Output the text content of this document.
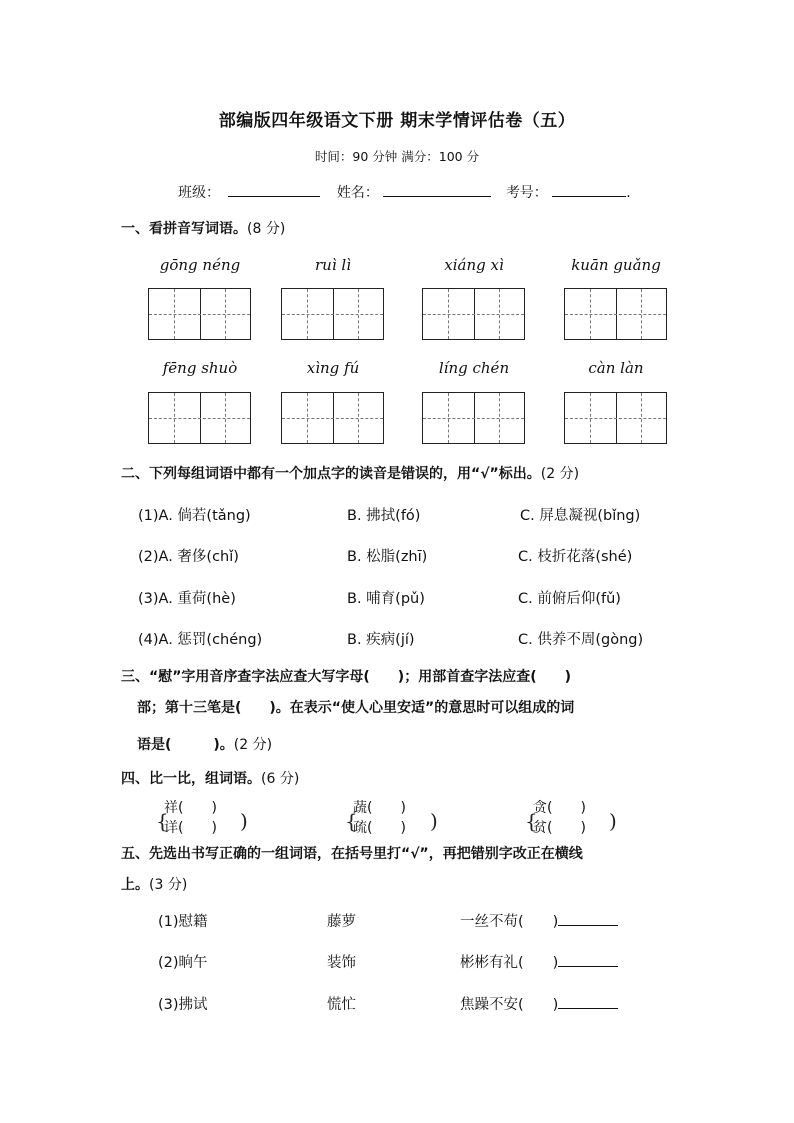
部编版四年级语文下册 期末学情评估卷（五）
时间：90 分钟 满分：100 分
班级：	姓名：	考号：	.
一、看拼音写词语。(8 分)
gōng néng	ruì lì	xiáng xì	kuān guǎng
fēng shuò	xìng fú	líng chén	càn làn
二、下列每组词语中都有一个加点字的读音是错误的，用“√”标出。(2 分)
(1)A. 倘若(tǎng)	B. 拂拭(fó)	C. 屏息凝视(bǐng)
(2)A. 奢侈(chǐ)	B. 松脂(zhī)	C. 枝折花落(shé)
(3)A. 重荷(hè)	B. 哺育(pǔ)	C. 前俯后仰(fǔ)
(4)A. 惩罚(chéng)	B. 疾病(jí)	C. 供养不周(gòng)
三、“慰”字用音序查字法应查大写字母(　　)；用部首查字法应查(　　)
部；第十三笔是(　　)。在表示“使人心里安适”的意思时可以组成的词
语是(　　　)。(2 分)
四、比一比，组词语。(6 分)
祥(　　)
{
详(　　) )
蔬(　　)
{
疏(　　) )
贪(　　)
{
贫(　　) )
五、先选出书写正确的一组词语，在括号里打“√”，再把错别字改正在横线
上。(3 分)
(1)慰籍	藤萝	一丝不苟(　　)
(2)晌午	装饰	彬彬有礼(　　)
(3)拂试	慌忙	焦躁不安(　　)
